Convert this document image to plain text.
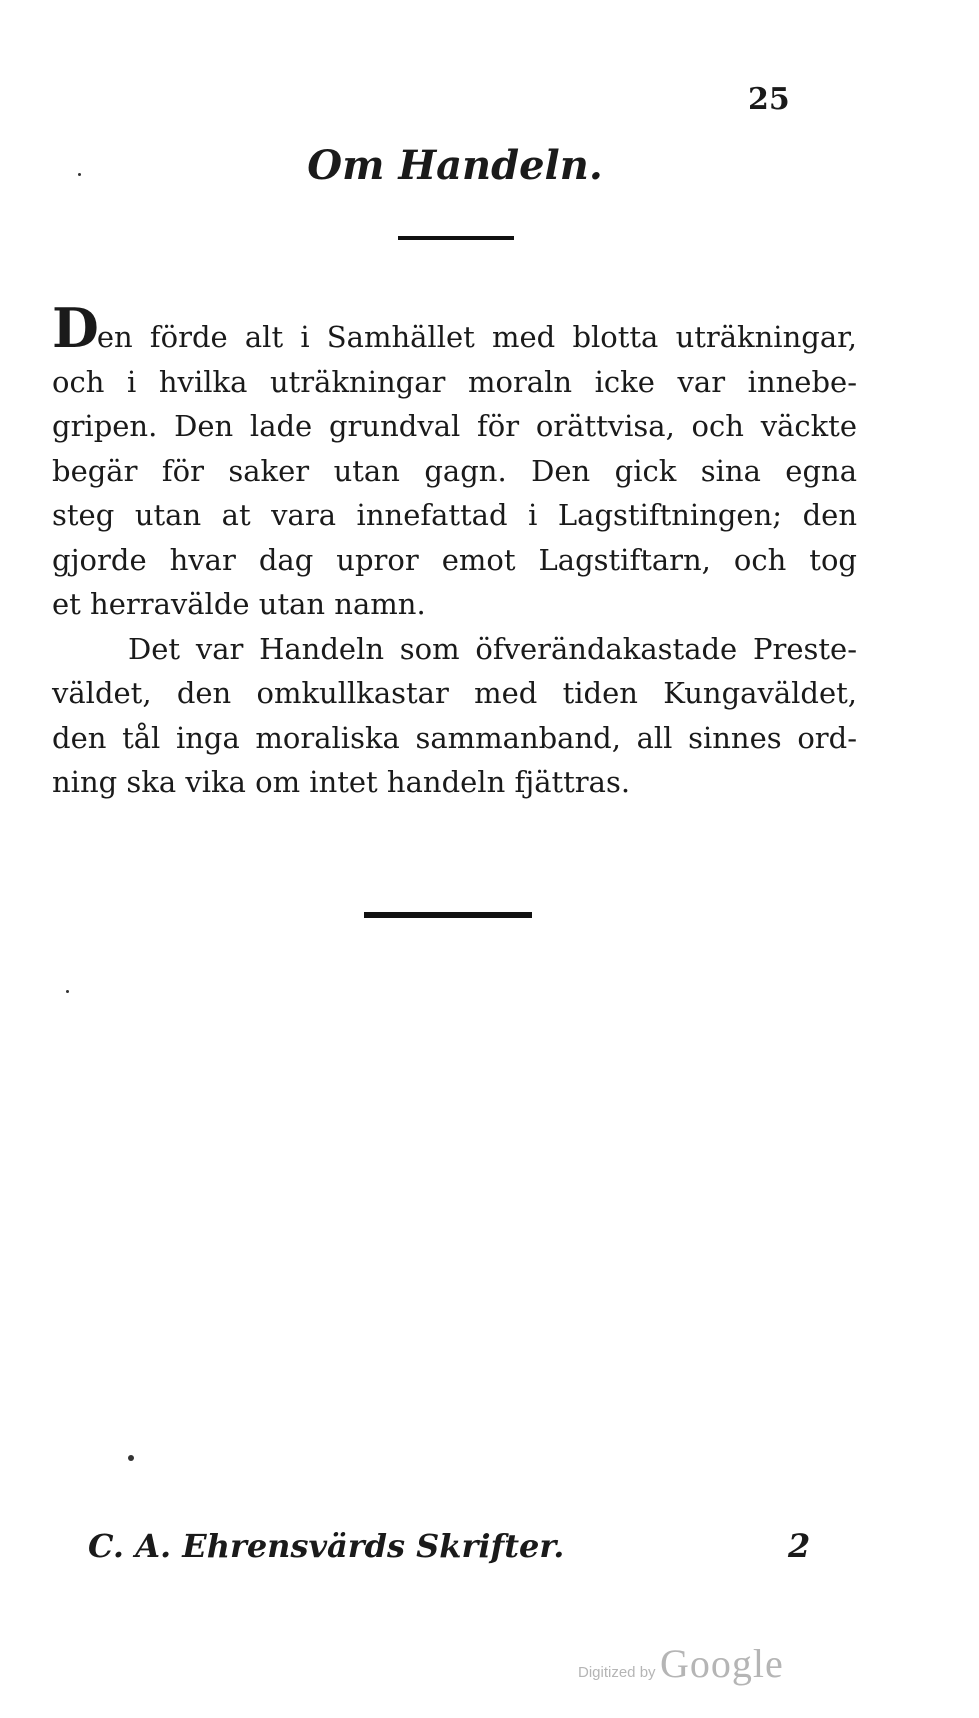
25
Om Handeln.
Den förde alt i Samhället med blotta uträkningar,
och i hvilka uträkningar moraln icke var innebe-
gripen. Den lade grundval för orättvisa, och väckte
begär för saker utan gagn. Den gick sina egna
steg utan at vara innefattad i Lagstiftningen; den
gjorde hvar dag upror emot Lagstiftarn, och tog
et herravälde utan namn.
Det var Handeln som öfverändakastade Preste-
väldet, den omkullkastar med tiden Kungaväldet,
den tål inga moraliska sammanband, all sinnes ord-
ning ska vika om intet handeln fjättras.
C. A. Ehrensvärds Skrifter.	2
Digitized by Google
